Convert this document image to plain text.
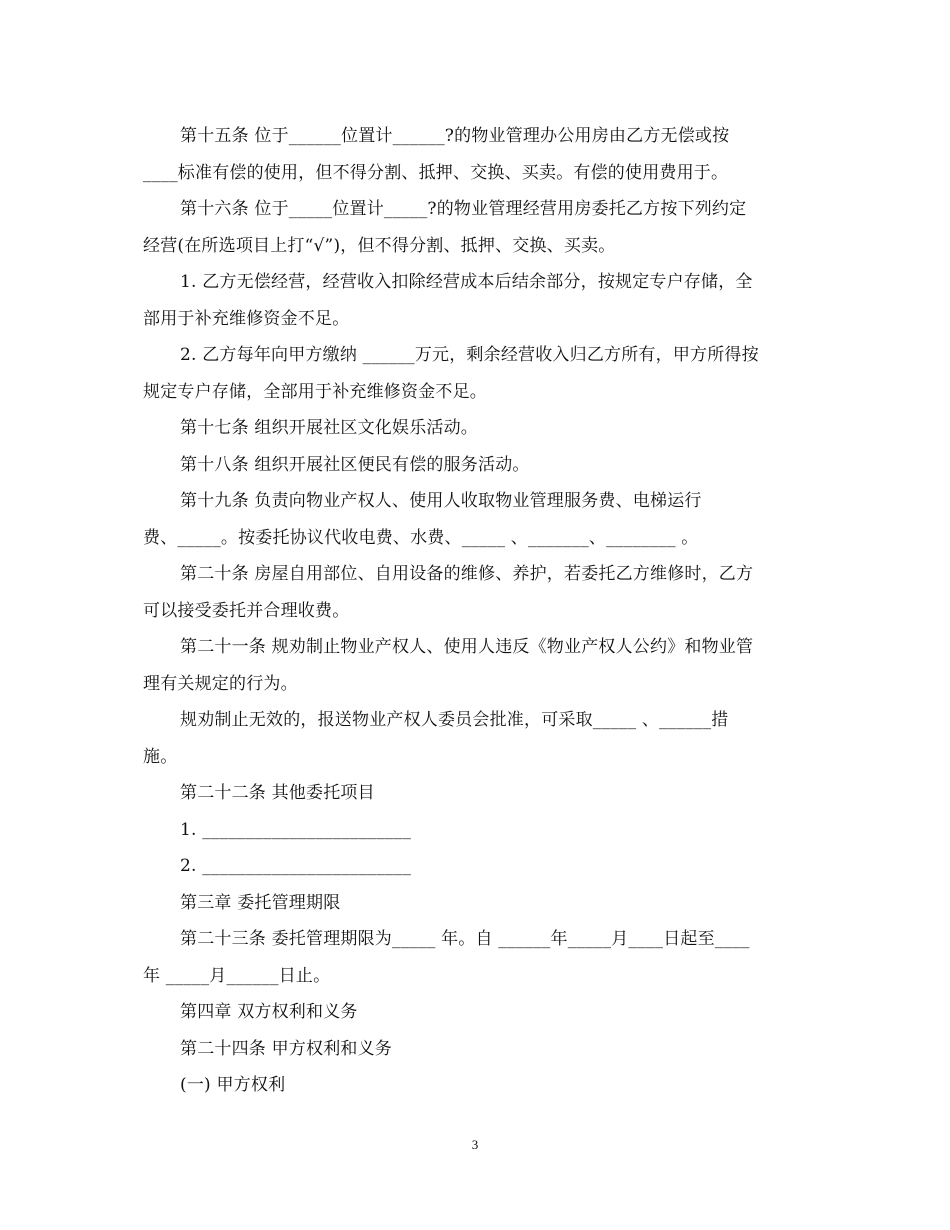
第十五条 位于______位置计______?的物业管理办公用房由乙方无偿或按
____标准有偿的使用，但不得分割、抵押、交换、买卖。有偿的使用费用于。
第十六条 位于_____位置计_____?的物业管理经营用房委托乙方按下列约定
经营(在所选项目上打“√”)，但不得分割、抵押、交换、买卖。
1. 乙方无偿经营，经营收入扣除经营成本后结余部分，按规定专户存储，全
部用于补充维修资金不足。
2. 乙方每年向甲方缴纳 ______万元，剩余经营收入归乙方所有，甲方所得按
规定专户存储，全部用于补充维修资金不足。
第十七条 组织开展社区文化娱乐活动。
第十八条 组织开展社区便民有偿的服务活动。
第十九条 负责向物业产权人、使用人收取物业管理服务费、电梯运行
费、_____。按委托协议代收电费、水费、_____ 、_______、________ 。
第二十条 房屋自用部位、自用设备的维修、养护，若委托乙方维修时，乙方
可以接受委托并合理收费。
第二十一条 规劝制止物业产权人、使用人违反《物业产权人公约》和物业管
理有关规定的行为。
规劝制止无效的，报送物业产权人委员会批准，可采取_____ 、______措
施。
第二十二条 其他委托项目
1. ________________________
2. ________________________
第三章 委托管理期限
第二十三条 委托管理期限为_____ 年。自 ______年_____月____日起至____
年 _____月______日止。
第四章 双方权利和义务
第二十四条 甲方权利和义务
(一) 甲方权利
3
